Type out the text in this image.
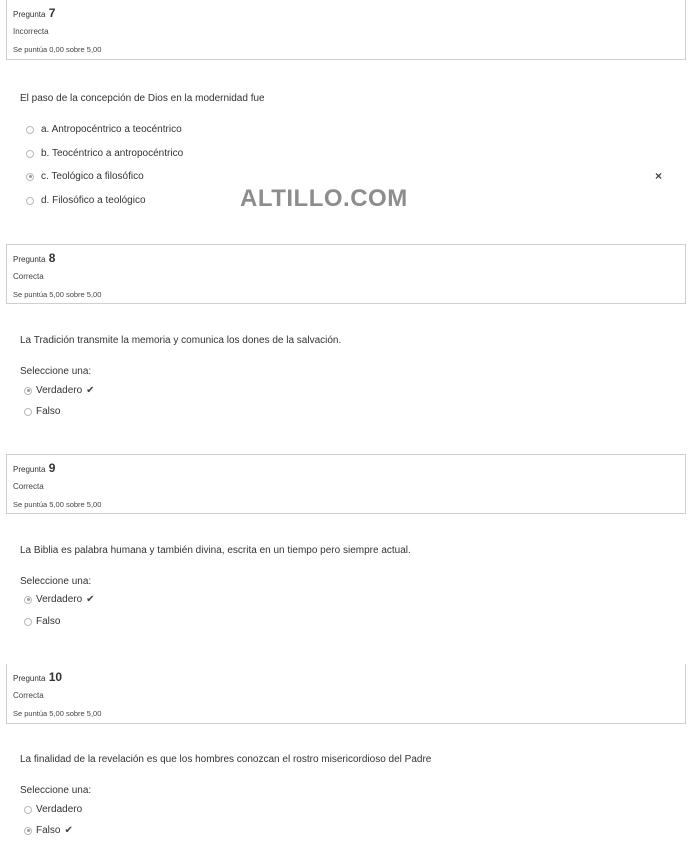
Pregunta 7
Incorrecta
Se puntúa 0,00 sobre 5,00
El paso de la concepción de Dios en la modernidad fue
a. Antropocéntrico a teocéntrico
b. Teocéntrico a antropocéntrico
c. Teológico a filosófico
d. Filosófico a teológico
×
ALTILLO.COM
Pregunta 8
Correcta
Se puntúa 5,00 sobre 5,00
La Tradición transmite la memoria y comunica los dones de la salvación.
Seleccione una:
Verdadero ✔
Falso
Pregunta 9
Correcta
Se puntúa 5,00 sobre 5,00
La Biblia es palabra humana y también divina, escrita en un tiempo pero siempre actual.
Seleccione una:
Verdadero ✔
Falso
Pregunta 10
Correcta
Se puntúa 5,00 sobre 5,00
La finalidad de la revelación es que los hombres conozcan el rostro misericordioso del Padre
Seleccione una:
Verdadero
Falso ✔
